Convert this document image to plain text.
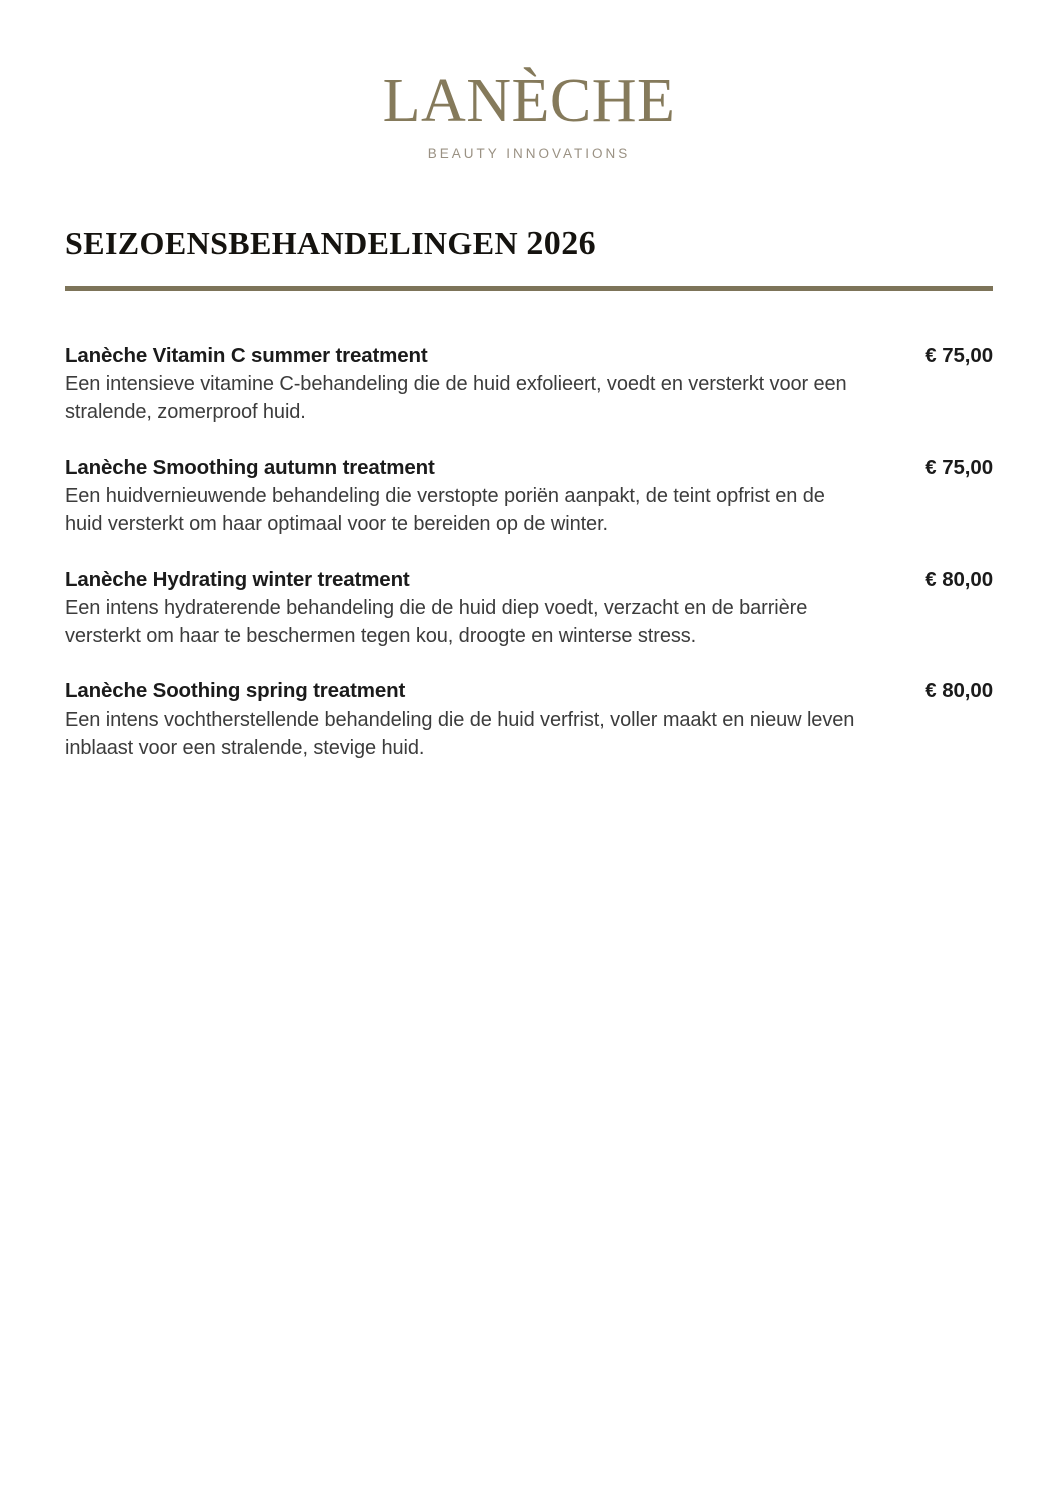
LANÈCHE
BEAUTY INNOVATIONS
SEIZOENSBEHANDELINGEN 2026
Lanèche Vitamin C summer treatment	€ 75,00
Een intensieve vitamine C-behandeling die de huid exfolieert, voedt en versterkt voor een stralende, zomerproof huid.
Lanèche Smoothing autumn treatment	€ 75,00
Een huidvernieuwende behandeling die verstopte poriën aanpakt, de teint opfrist en de huid versterkt om haar optimaal voor te bereiden op de winter.
Lanèche Hydrating winter treatment	€ 80,00
Een intens hydraterende behandeling die de huid diep voedt, verzacht en de barrière versterkt om haar te beschermen tegen kou, droogte en winterse stress.
Lanèche Soothing spring treatment	€ 80,00
Een intens vochtherstellende behandeling die de huid verfrist, voller maakt en nieuw leven inblaast voor een stralende, stevige huid.
